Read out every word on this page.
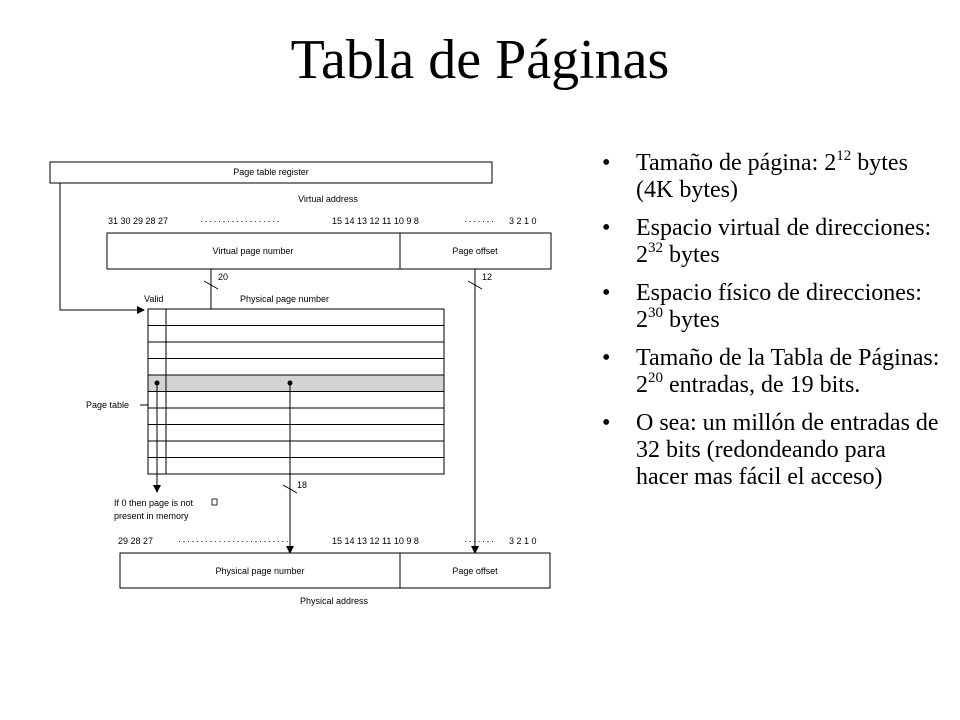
Tabla de Páginas
Page table register
Virtual address
31 30 29 28 27	··················	15 14 13 12 11 10 9 8	······· 3 2 1 0
Virtual page number	Page offset
20	12
Valid	Physical page number
Page table
If 0 then page is not
present in memory
18
29 28 27	·························	15 14 13 12 11 10 9 8	······· 3 2 1 0
Physical page number	Page offset
Physical address
• Tamaño de página: $2^{12}$ bytes (4K bytes)
• Espacio virtual de direcciones: $2^{32}$ bytes
• Espacio físico de direcciones: $2^{30}$ bytes
• Tamaño de la Tabla de Páginas: $2^{20}$ entradas, de 19 bits.
• O sea: un millón de entradas de 32 bits (redondeando para hacer mas fácil el acceso)
